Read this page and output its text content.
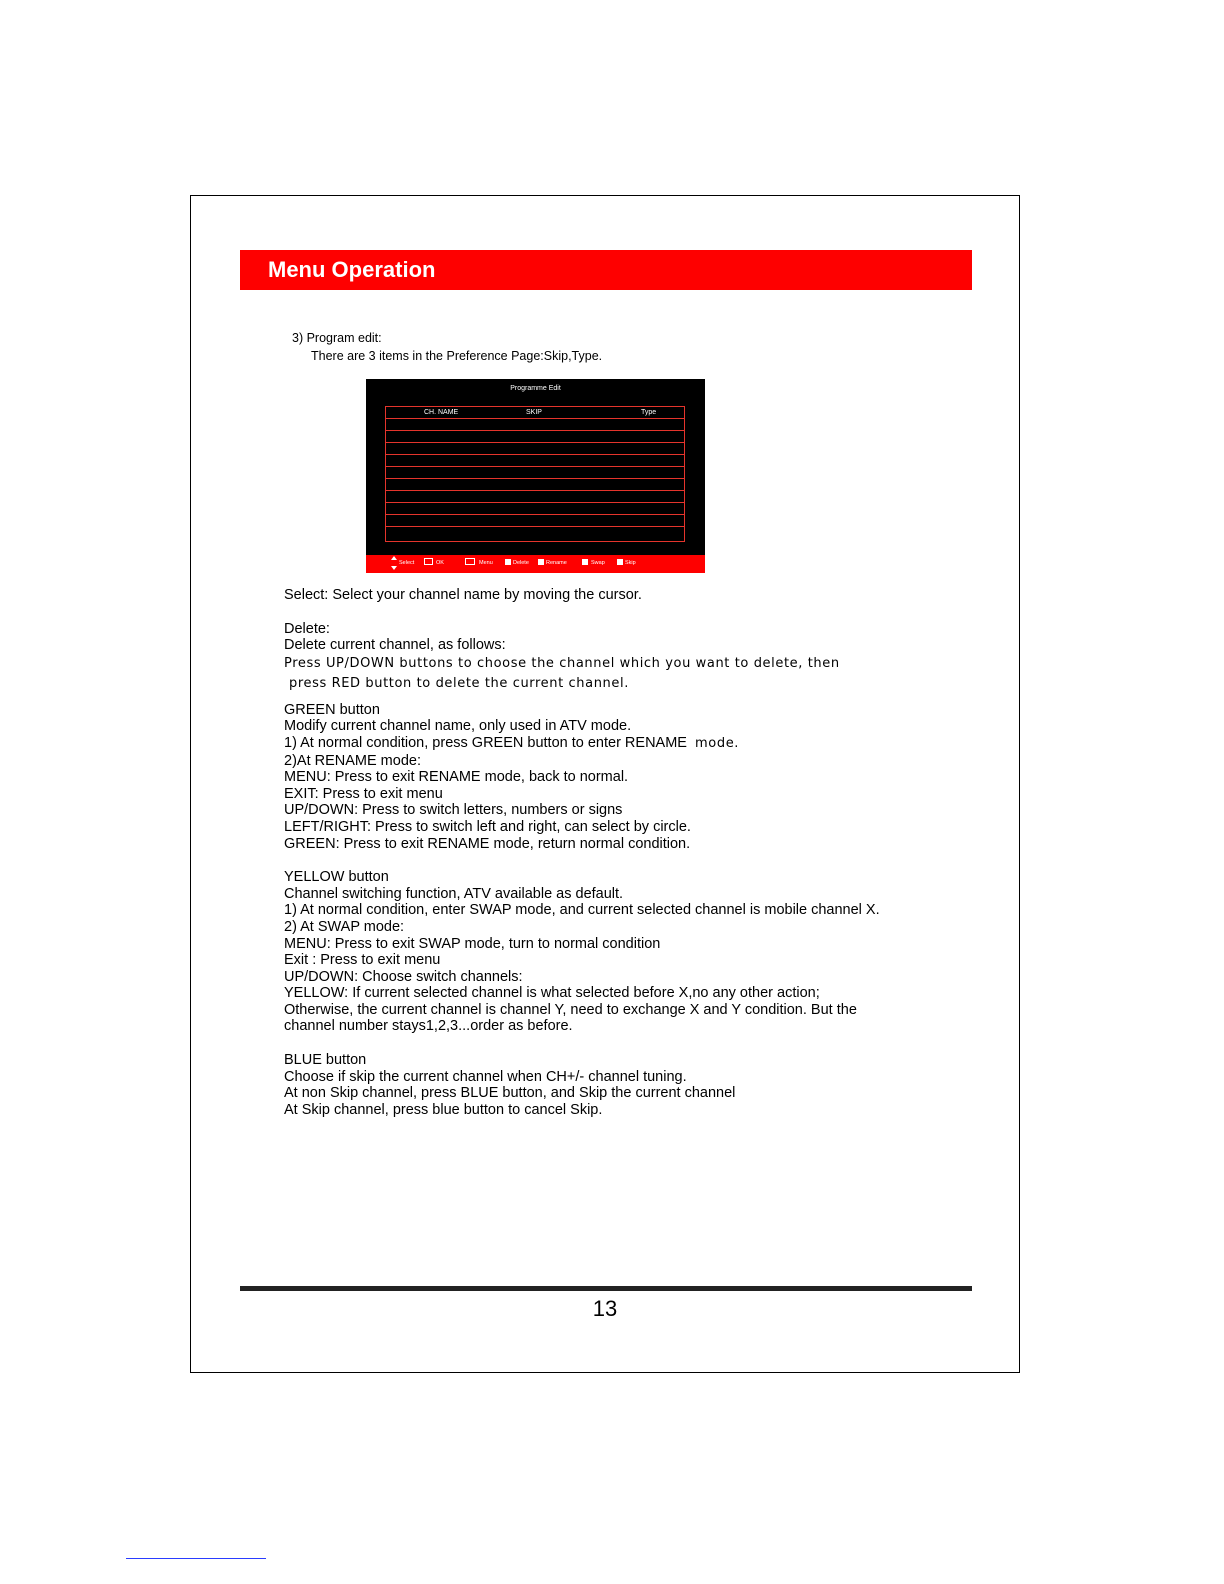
Menu Operation
3) Program edit:
There are 3 items in the Preference Page:Skip,Type.
Programme Edit
CH. NAME	SKIP	Type
Select	OK	Menu	Delete	Rename	Swap	Skip

Select: Select your channel name by moving the cursor.

Delete:

Delete current channel, as follows:

Press UP/DOWN buttons to choose the channel which you want to delete, then

press RED button to delete the current channel.

GREEN button

Modify current channel name, only used in ATV mode.

1) At normal condition, press GREEN button to enter RENAME mode.

2)At RENAME mode:

MENU: Press to exit RENAME mode, back to normal.

EXIT: Press to exit menu

UP/DOWN: Press to switch letters, numbers or signs

LEFT/RIGHT: Press to switch left and right, can select by circle.

GREEN: Press to exit RENAME mode, return normal condition.

YELLOW button

Channel switching function, ATV available as default.

1) At normal condition, enter SWAP mode, and current selected channel is mobile channel X.

2) At SWAP mode:

MENU: Press to exit SWAP mode, turn to normal condition

Exit : Press to exit menu

UP/DOWN: Choose switch channels:

YELLOW: If current selected channel is what selected before X,no any other action;

Otherwise, the current channel is channel Y, need to exchange X and Y condition. But the

channel number stays1,2,3...order as before.

BLUE button

Choose if skip the current channel when CH+/- channel tuning.

At non Skip channel, press BLUE button, and Skip the current channel

At Skip channel, press blue button to cancel Skip.

13
